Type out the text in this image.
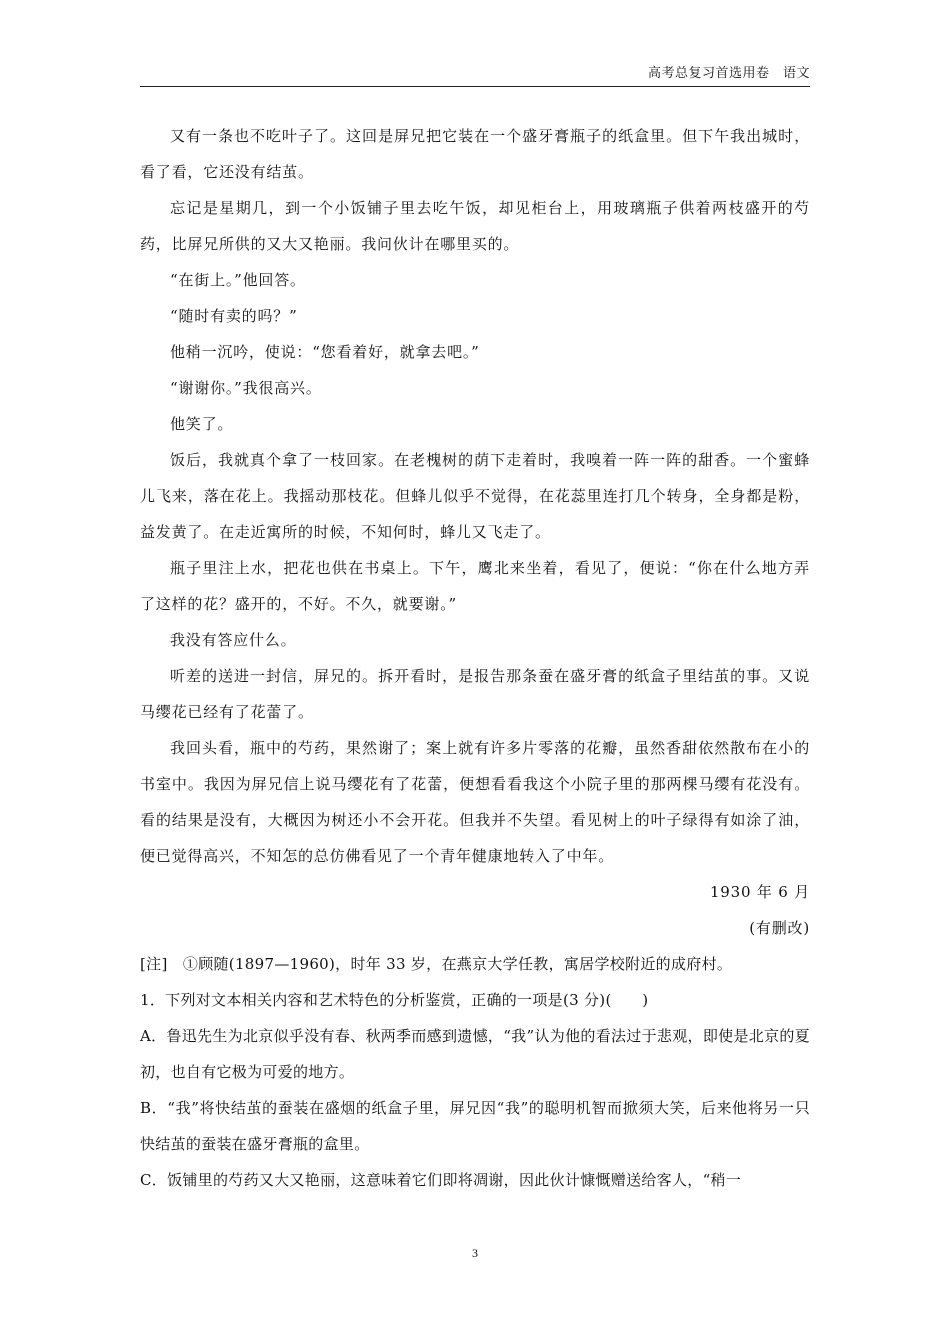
高考总复习首选用卷　语文

又有一条也不吃叶子了。这回是屏兄把它装在一个盛牙膏瓶子的纸盒里。但下午我出城时，看了看，它还没有结茧。

忘记是星期几，到一个小饭铺子里去吃午饭，却见柜台上，用玻璃瓶子供着两枝盛开的芍药，比屏兄所供的又大又艳丽。我问伙计在哪里买的。

“在街上。”他回答。

“随时有卖的吗？”

他稍一沉吟，使说：“您看着好，就拿去吧。”

“谢谢你。”我很高兴。

他笑了。

饭后，我就真个拿了一枝回家。在老槐树的荫下走着时，我嗅着一阵一阵的甜香。一个蜜蜂儿飞来，落在花上。我摇动那枝花。但蜂儿似乎不觉得，在花蕊里连打几个转身，全身都是粉，益发黄了。在走近寓所的时候，不知何时，蜂儿又飞走了。

瓶子里注上水，把花也供在书桌上。下午，鹰北来坐着，看见了，便说：“你在什么地方弄了这样的花？盛开的，不好。不久，就要谢。”

我没有答应什么。

听差的送进一封信，屏兄的。拆开看时，是报告那条蚕在盛牙膏的纸盒子里结茧的事。又说马缨花已经有了花蕾了。

我回头看，瓶中的芍药，果然谢了；案上就有许多片零落的花瓣，虽然香甜依然散布在小的书室中。我因为屏兄信上说马缨花有了花蕾，便想看看我这个小院子里的那两棵马缨有花没有。看的结果是没有，大概因为树还小不会开花。但我并不失望。看见树上的叶子绿得有如涂了油，便已觉得高兴，不知怎的总仿佛看见了一个青年健康地转入了中年。

1930 年 6 月

(有删改)

[注]　①顾随(1897—1960)，时年 33 岁，在燕京大学任教，寓居学校附近的成府村。

1．下列对文本相关内容和艺术特色的分析鉴赏，正确的一项是(3 分)(　　)

A．鲁迅先生为北京似乎没有春、秋两季而感到遗憾，“我”认为他的看法过于悲观，即使是北京的夏初，也自有它极为可爱的地方。

B．“我”将快结茧的蚕装在盛烟的纸盒子里，屏兄因“我”的聪明机智而掀须大笑，后来他将另一只快结茧的蚕装在盛牙膏瓶的盒里。

C．饭铺里的芍药又大又艳丽，这意味着它们即将凋谢，因此伙计慷慨赠送给客人，“稍一

3
